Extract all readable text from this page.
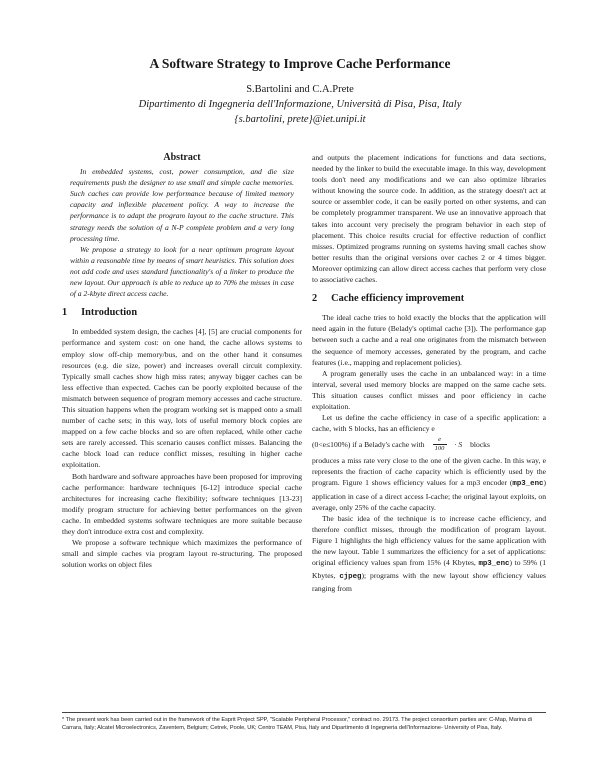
A Software Strategy to Improve Cache Performance
S.Bartolini and C.A.Prete
Dipartimento di Ingegneria dell'Informazione, Università di Pisa, Pisa, Italy
{s.bartolini, prete}@iet.unipi.it
Abstract

In embedded systems, cost, power consumption, and die size requirements push the designer to use small and simple cache memories. Such caches can provide low performance because of limited memory capacity and inflexible placement policy. A way to increase the performance is to adapt the program layout to the cache structure. This strategy needs the solution of a N-P complete problem and a very long processing time.

We propose a strategy to look for a near optimum program layout within a reasonable time by means of smart heuristics. This solution does not add code and uses standard functionality's of a linker to produce the new layout. Our approach is able to reduce up to 70% the misses in case of a 2-kbyte direct access cache.

1 Introduction

In embedded system design, the caches [4], [5] are crucial components for performance and system cost: on one hand, the cache allows systems to employ slow off-chip memory/bus, and on the other hand it consumes resources (e.g. die size, power) and increases overall circuit complexity. Typically small caches show high miss rates; anyway bigger caches can be less effective than expected. Caches can be poorly exploited because of the mismatch between sequence of program memory accesses and cache structure. This situation happens when the program working set is mapped onto a small number of cache sets; in this way, lots of useful memory block copies are mapped on a few cache blocks and so are often replaced, while other cache sets are rarely accessed. This scenario causes conflict misses. Balancing the cache block load can reduce conflict misses, resulting in higher cache exploitation.

Both hardware and software approaches have been proposed for improving cache performance: hardware techniques [6-12] introduce special cache architectures for increasing cache flexibility; software techniques [13-23] modify program structure for achieving better performances on the given cache. In embedded systems software techniques are more suitable because they don't introduce extra cost and complexity.

We propose a software technique which maximizes the performance of small and simple caches via program layout re-structuring. The proposed solution works on object files

and outputs the placement indications for functions and data sections, needed by the linker to build the executable image. In this way, development tools don't need any modifications and we can also optimize libraries without knowing the source code. In addition, as the strategy doesn't act at source or assembler code, it can be easily ported on other systems, and can be completely programmer transparent. We use an innovative approach that takes into account very precisely the program behavior in each step of placement. This choice results crucial for effective reduction of conflict misses. Optimized programs running on systems having small caches show better results than the original versions over caches 2 or 4 times bigger. Moreover optimizing can allow direct access caches that perform very close to associative caches.

2 Cache efficiency improvement

The ideal cache tries to hold exactly the blocks that the application will need again in the future (Belady's optimal cache [3]). The performance gap between such a cache and a real one originates from the mismatch between the sequence of memory accesses, generated by the program, and cache features (i.e., mapping and replacement policies).

A program generally uses the cache in an unbalanced way: in a time interval, several used memory blocks are mapped on the same cache sets. This situation causes conflict misses and poor efficiency in cache exploitation.

Let us define the cache efficiency in case of a specific application: a cache, with S blocks, has an efficiency e

(0<e≤100%) if a Belady's cache with $\frac{e}{100} \cdot S$ blocks

produces a miss rate very close to the one of the given cache. In this way, e represents the fraction of cache capacity which is efficiently used by the program. Figure 1 shows efficiency values for a mp3 encoder (mp3_enc) application in case of a direct access I-cache; the original layout exploits, on average, only 25% of the cache capacity.

The basic idea of the technique is to increase cache efficiency, and therefore conflict misses, through the modification of program layout. Figure 1 highlights the high efficiency values for the same application with the new layout. Table 1 summarizes the efficiency for a set of applications: original efficiency values span from 15% (4 Kbytes, mp3_enc) to 59% (1 Kbytes, cjpeg); programs with the new layout show efficiency values ranging from

* The present work has been carried out in the framework of the Esprit Project SPP, "Scalable Peripheral Processor," contract no. 29173. The project consortium parties are: C-Map, Marina di Carrara, Italy; Alcatel Microelectronics, Zaventem, Belgium; Cetrek, Poole, UK; Centro TEAM, Pisa, Italy and Dipartimento di Ingegneria dell'Informazione- University of Pisa, Italy.
